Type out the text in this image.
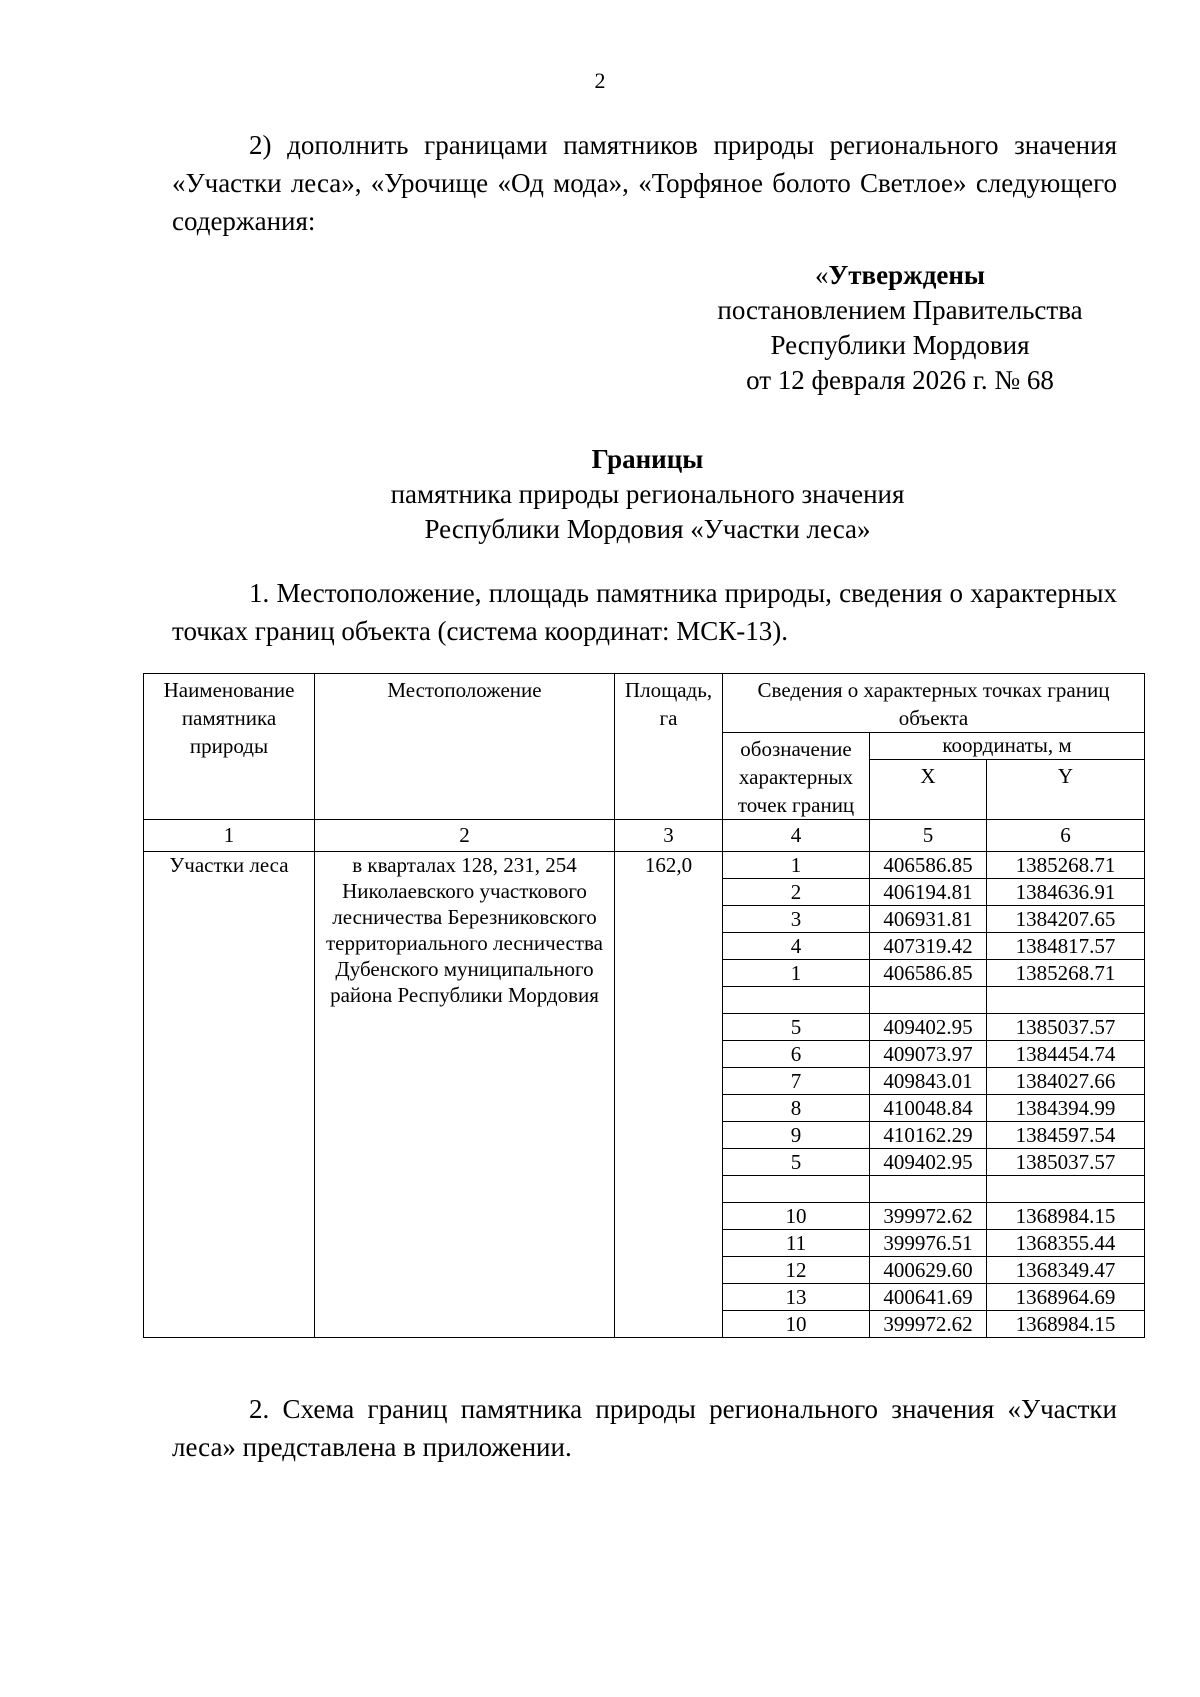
2
2) дополнить границами памятников природы регионального значения «Участки леса», «Урочище «Од мода», «Торфяное болото Светлое» следующего содержания:
«Утверждены
постановлением Правительства
Республики Мордовия
от 12 февраля 2026 г. № 68
Границы
памятника природы регионального значения
Республики Мордовия «Участки леса»
1. Местоположение, площадь памятника природы, сведения о характерных точках границ объекта (система координат: МСК-13).
Наименование памятника природы	Местоположение	Площадь, га	Сведения о характерных точках границ объекта		
			обозначение характерных точек границ	координаты, м	
				X	Y
1	2	3	4	5	6
Участки леса	в кварталах 128, 231, 254 Николаевского участкового лесничества Березниковского территориального лесничества Дубенского муниципального района Республики Мордовия	162,0	1	406586.85	1385268.71
			2	406194.81	1384636.91
			3	406931.81	1384207.65
			4	407319.42	1384817.57
			1	406586.85	1385268.71

			5	409402.95	1385037.57
			6	409073.97	1384454.74
			7	409843.01	1384027.66
			8	410048.84	1384394.99
			9	410162.29	1384597.54
			5	409402.95	1385037.57

			10	399972.62	1368984.15
			11	399976.51	1368355.44
			12	400629.60	1368349.47
			13	400641.69	1368964.69
			10	399972.62	1368984.15
2. Схема границ памятника природы регионального значения «Участки леса» представлена в приложении.
